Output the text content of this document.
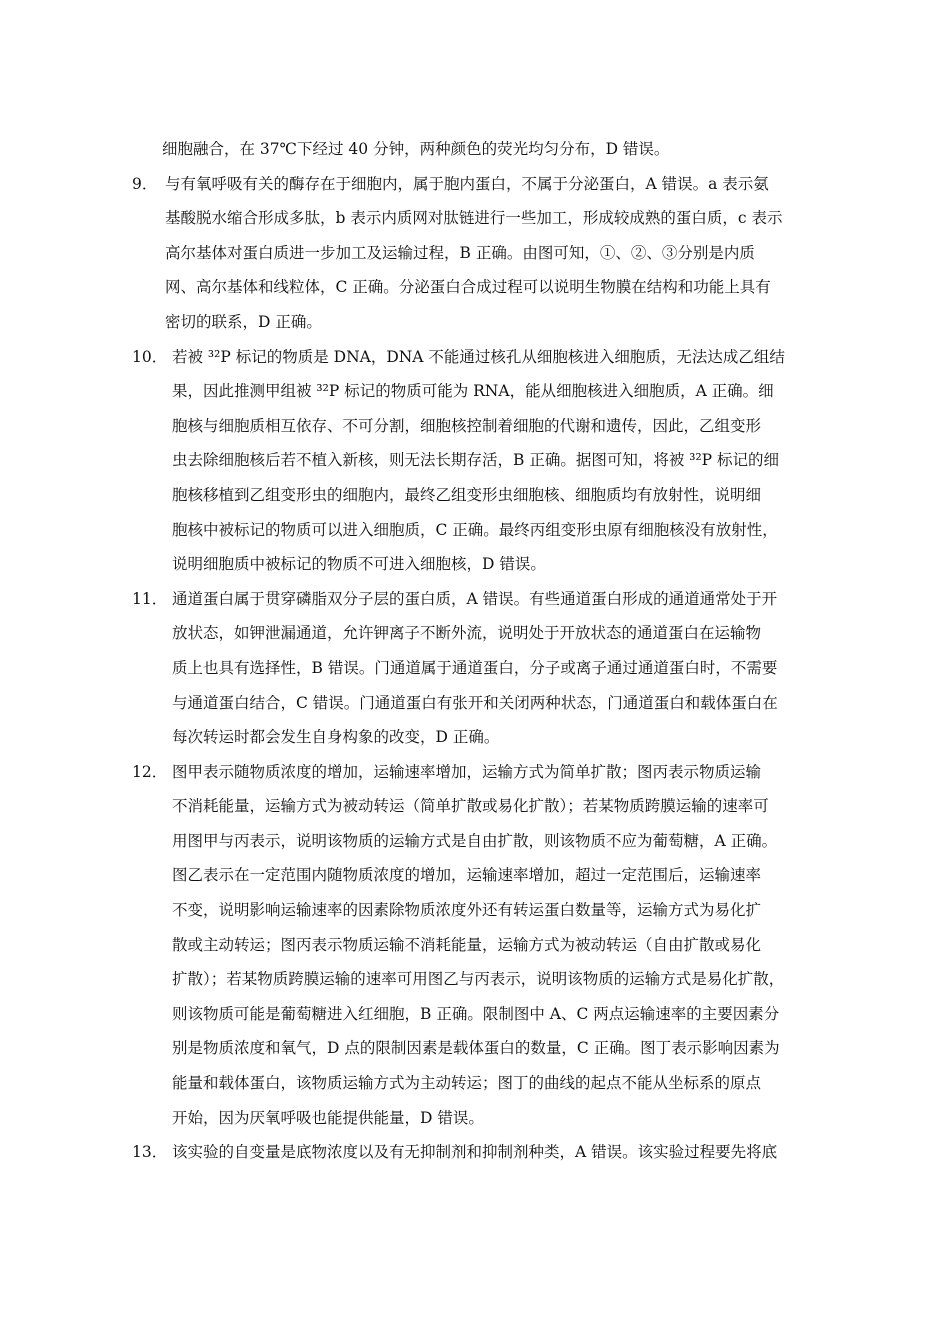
细胞融合，在 37℃下经过 40 分钟，两种颜色的荧光均匀分布，D 错误。
9． 与有氧呼吸有关的酶存在于细胞内，属于胞内蛋白，不属于分泌蛋白，A 错误。a 表示氨
基酸脱水缩合形成多肽，b 表示内质网对肽链进行一些加工，形成较成熟的蛋白质，c 表示
高尔基体对蛋白质进一步加工及运输过程，B 正确。由图可知，①、②、③分别是内质
网、高尔基体和线粒体，C 正确。分泌蛋白合成过程可以说明生物膜在结构和功能上具有
密切的联系，D 正确。
10． 若被 ³²P 标记的物质是 DNA，DNA 不能通过核孔从细胞核进入细胞质，无法达成乙组结
果，因此推测甲组被 ³²P 标记的物质可能为 RNA，能从细胞核进入细胞质，A 正确。细
胞核与细胞质相互依存、不可分割，细胞核控制着细胞的代谢和遗传，因此，乙组变形
虫去除细胞核后若不植入新核，则无法长期存活，B 正确。据图可知，将被 ³²P 标记的细
胞核移植到乙组变形虫的细胞内，最终乙组变形虫细胞核、细胞质均有放射性，说明细
胞核中被标记的物质可以进入细胞质，C 正确。最终丙组变形虫原有细胞核没有放射性，
说明细胞质中被标记的物质不可进入细胞核，D 错误。
11． 通道蛋白属于贯穿磷脂双分子层的蛋白质，A 错误。有些通道蛋白形成的通道通常处于开
放状态，如钾泄漏通道，允许钾离子不断外流，说明处于开放状态的通道蛋白在运输物
质上也具有选择性，B 错误。门通道属于通道蛋白，分子或离子通过通道蛋白时，不需要
与通道蛋白结合，C 错误。门通道蛋白有张开和关闭两种状态，门通道蛋白和载体蛋白在
每次转运时都会发生自身构象的改变，D 正确。
12． 图甲表示随物质浓度的增加，运输速率增加，运输方式为简单扩散；图丙表示物质运输
不消耗能量，运输方式为被动转运（简单扩散或易化扩散）；若某物质跨膜运输的速率可
用图甲与丙表示，说明该物质的运输方式是自由扩散，则该物质不应为葡萄糖，A 正确。
图乙表示在一定范围内随物质浓度的增加，运输速率增加，超过一定范围后，运输速率
不变，说明影响运输速率的因素除物质浓度外还有转运蛋白数量等，运输方式为易化扩
散或主动转运；图丙表示物质运输不消耗能量，运输方式为被动转运（自由扩散或易化
扩散）；若某物质跨膜运输的速率可用图乙与丙表示，说明该物质的运输方式是易化扩散，
则该物质可能是葡萄糖进入红细胞，B 正确。限制图中 A、C 两点运输速率的主要因素分
别是物质浓度和氧气，D 点的限制因素是载体蛋白的数量，C 正确。图丁表示影响因素为
能量和载体蛋白，该物质运输方式为主动转运；图丁的曲线的起点不能从坐标系的原点
开始，因为厌氧呼吸也能提供能量，D 错误。
13． 该实验的自变量是底物浓度以及有无抑制剂和抑制剂种类，A 错误。该实验过程要先将底
